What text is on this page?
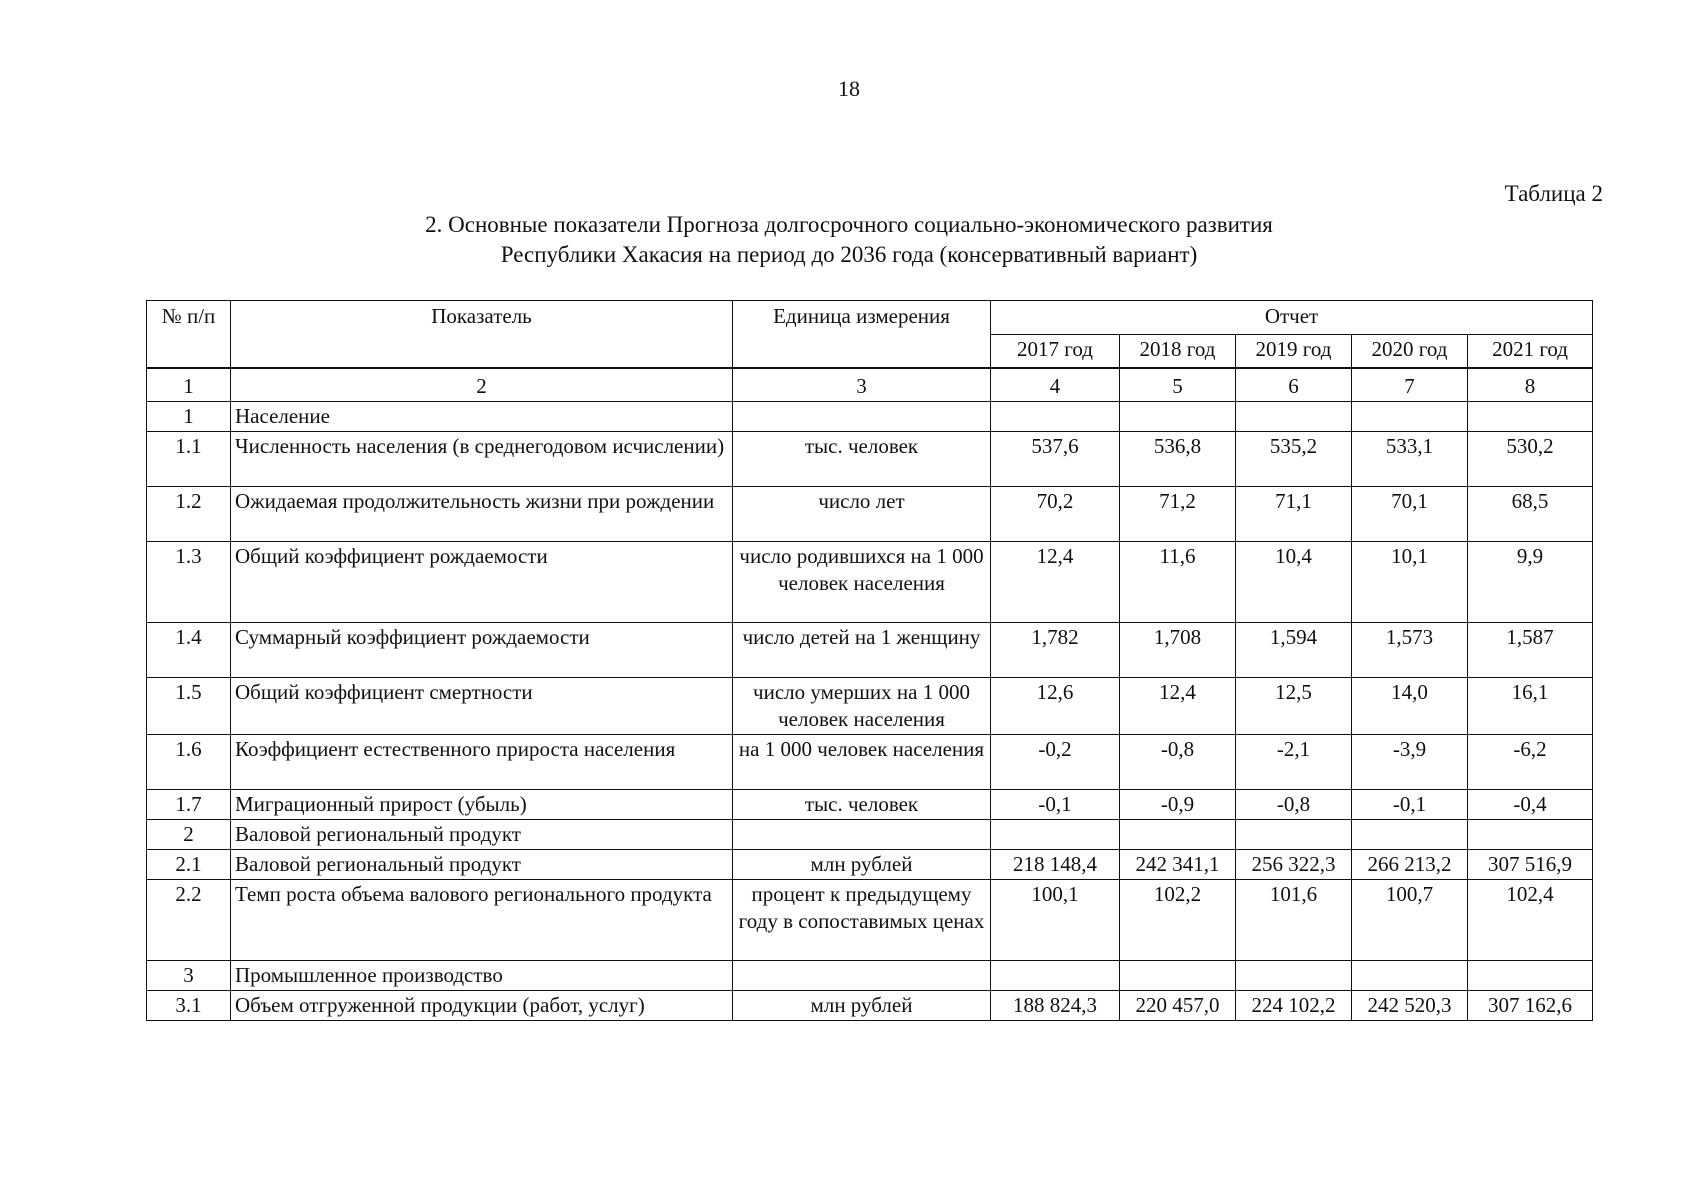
18
Таблица 2
2. Основные показатели Прогноза долгосрочного социально-экономического развития
Республики Хакасия на период до 2036 года (консервативный вариант)
№ п/п	Показатель	Единица измерения	Отчет				
			2017 год	2018 год	2019 год	2020 год	2021 год
1	2	3	4	5	6	7	8
1	Население						
1.1	Численность населения (в среднегодовом исчислении)	тыс. человек	537,6	536,8	535,2	533,1	530,2
1.2	Ожидаемая продолжительность жизни при рождении	число лет	70,2	71,2	71,1	70,1	68,5
1.3	Общий коэффициент рождаемости	число родившихся на 1 000 человек населения	12,4	11,6	10,4	10,1	9,9
1.4	Суммарный коэффициент рождаемости	число детей на 1 женщину	1,782	1,708	1,594	1,573	1,587
1.5	Общий коэффициент смертности	число умерших на 1 000 человек населения	12,6	12,4	12,5	14,0	16,1
1.6	Коэффициент естественного прироста населения	на 1 000 человек населения	-0,2	-0,8	-2,1	-3,9	-6,2
1.7	Миграционный прирост (убыль)	тыс. человек	-0,1	-0,9	-0,8	-0,1	-0,4
2	Валовой региональный продукт						
2.1	Валовой региональный продукт	млн рублей	218 148,4	242 341,1	256 322,3	266 213,2	307 516,9
2.2	Темп роста объема валового регионального продукта	процент к предыдущему году в сопоставимых ценах	100,1	102,2	101,6	100,7	102,4
3	Промышленное производство						
3.1	Объем отгруженной продукции (работ, услуг)	млн рублей	188 824,3	220 457,0	224 102,2	242 520,3	307 162,6
